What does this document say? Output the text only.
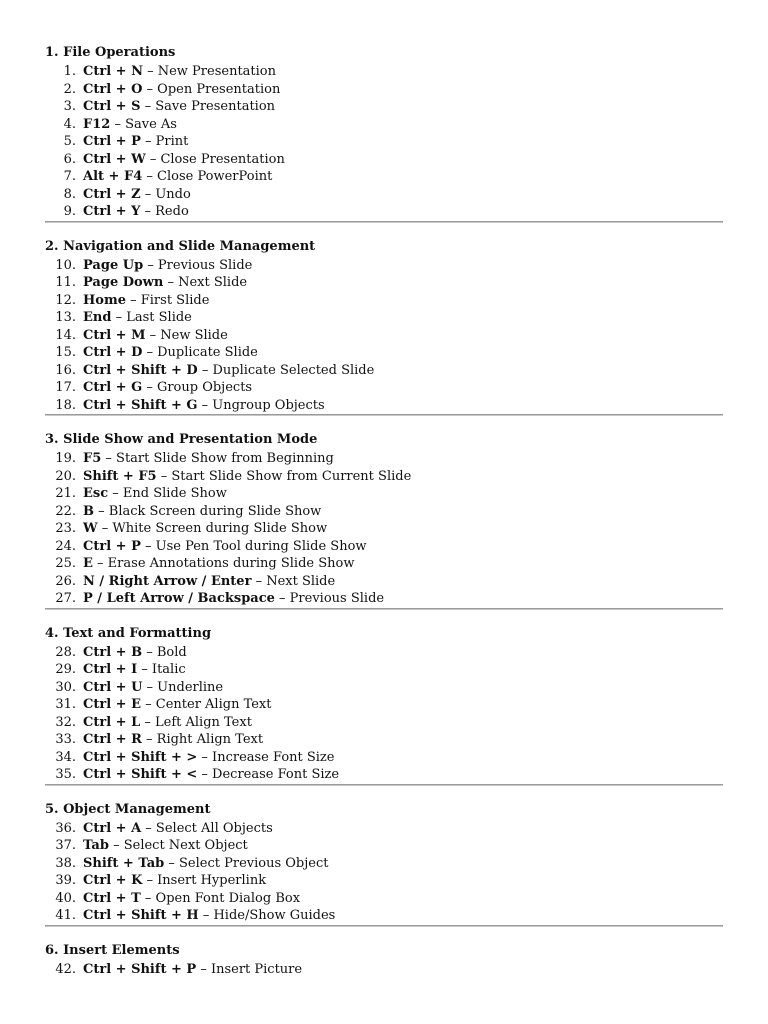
1. File Operations
1. Ctrl + N – New Presentation
2. Ctrl + O – Open Presentation
3. Ctrl + S – Save Presentation
4. F12 – Save As
5. Ctrl + P – Print
6. Ctrl + W – Close Presentation
7. Alt + F4 – Close PowerPoint
8. Ctrl + Z – Undo
9. Ctrl + Y – Redo
2. Navigation and Slide Management
10. Page Up – Previous Slide
11. Page Down – Next Slide
12. Home – First Slide
13. End – Last Slide
14. Ctrl + M – New Slide
15. Ctrl + D – Duplicate Slide
16. Ctrl + Shift + D – Duplicate Selected Slide
17. Ctrl + G – Group Objects
18. Ctrl + Shift + G – Ungroup Objects
3. Slide Show and Presentation Mode
19. F5 – Start Slide Show from Beginning
20. Shift + F5 – Start Slide Show from Current Slide
21. Esc – End Slide Show
22. B – Black Screen during Slide Show
23. W – White Screen during Slide Show
24. Ctrl + P – Use Pen Tool during Slide Show
25. E – Erase Annotations during Slide Show
26. N / Right Arrow / Enter – Next Slide
27. P / Left Arrow / Backspace – Previous Slide
4. Text and Formatting
28. Ctrl + B – Bold
29. Ctrl + I – Italic
30. Ctrl + U – Underline
31. Ctrl + E – Center Align Text
32. Ctrl + L – Left Align Text
33. Ctrl + R – Right Align Text
34. Ctrl + Shift + > – Increase Font Size
35. Ctrl + Shift + < – Decrease Font Size
5. Object Management
36. Ctrl + A – Select All Objects
37. Tab – Select Next Object
38. Shift + Tab – Select Previous Object
39. Ctrl + K – Insert Hyperlink
40. Ctrl + T – Open Font Dialog Box
41. Ctrl + Shift + H – Hide/Show Guides
6. Insert Elements
42. Ctrl + Shift + P – Insert Picture
